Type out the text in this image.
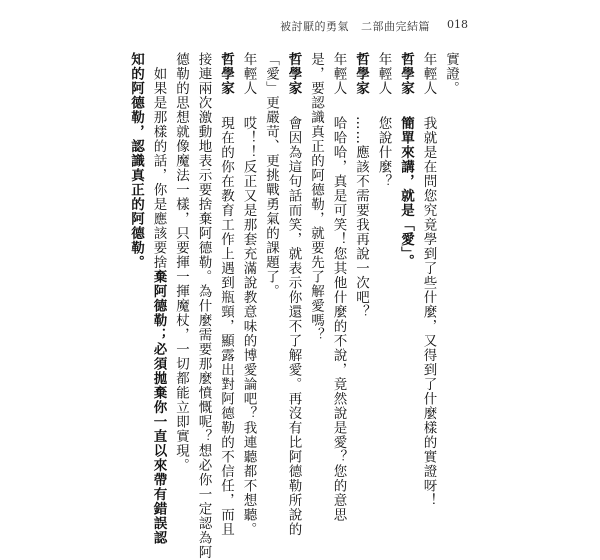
被討厭的勇氣 二部曲完結篇 018
實證。
年輕人　我就是在問您究竟學到了些什麼，又得到了什麼樣的實證呀！
哲學家　簡單來講，就是「愛」。
年輕人　您說什麼？
哲學家　……應該不需要我再說一次吧？
年輕人　哈哈哈，真是可笑！您其他什麼的不說，竟然說是愛？您的意思
是，要認識真正的阿德勒，就要先了解愛嗎？
哲學家　會因為這句話而笑，就表示你還不了解愛。再沒有比阿德勒所說的
「愛」更嚴苛、更挑戰勇氣的課題了。
年輕人　哎！！反正又是那套充滿說教意味的博愛論吧？我連聽都不想聽。
哲學家　現在的你在教育工作上遇到瓶頸，顯露出對阿德勒的不信任，而且
接連兩次激動地表示要捨棄阿德勒。為什麼需要那麼憤慨呢？想必你一定認為阿
德勒的思想就像魔法一樣，只要揮一揮魔杖，一切都能立即實現。
　如果是那樣的話，你是應該要捨棄阿德勒；必須拋棄你一直以來帶有錯誤認
知的阿德勒，認識真正的阿德勒。
